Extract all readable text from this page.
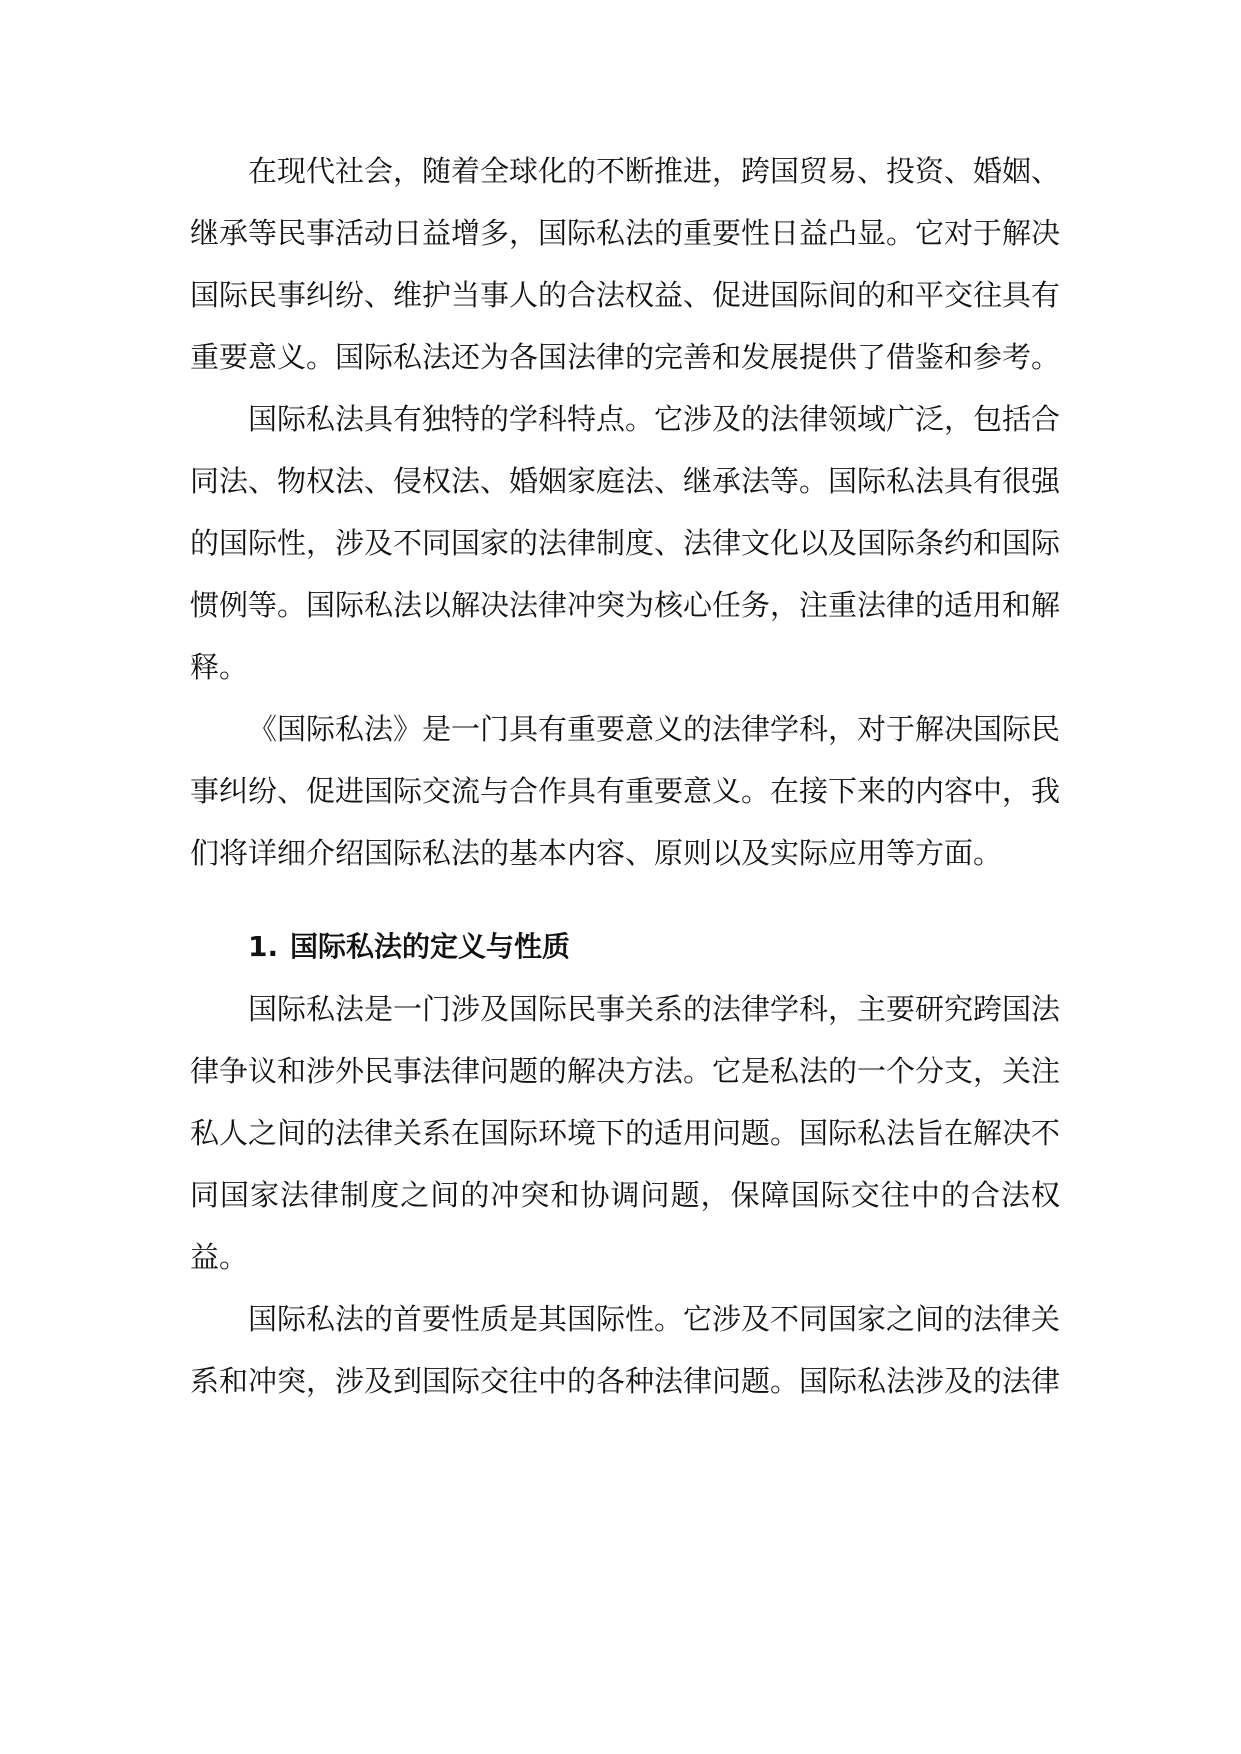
在现代社会，随着全球化的不断推进，跨国贸易、投资、婚姻、继承等民事活动日益增多，国际私法的重要性日益凸显。它对于解决国际民事纠纷、维护当事人的合法权益、促进国际间的和平交往具有重要意义。国际私法还为各国法律的完善和发展提供了借鉴和参考。

国际私法具有独特的学科特点。它涉及的法律领域广泛，包括合同法、物权法、侵权法、婚姻家庭法、继承法等。国际私法具有很强的国际性，涉及不同国家的法律制度、法律文化以及国际条约和国际惯例等。国际私法以解决法律冲突为核心任务，注重法律的适用和解释。

《国际私法》是一门具有重要意义的法律学科，对于解决国际民事纠纷、促进国际交流与合作具有重要意义。在接下来的内容中，我们将详细介绍国际私法的基本内容、原则以及实际应用等方面。

1. 国际私法的定义与性质

国际私法是一门涉及国际民事关系的法律学科，主要研究跨国法律争议和涉外民事法律问题的解决方法。它是私法的一个分支，关注私人之间的法律关系在国际环境下的适用问题。国际私法旨在解决不同国家法律制度之间的冲突和协调问题，保障国际交往中的合法权益。

国际私法的首要性质是其国际性。它涉及不同国家之间的法律关系和冲突，涉及到国际交往中的各种法律问题。国际私法涉及的法律
